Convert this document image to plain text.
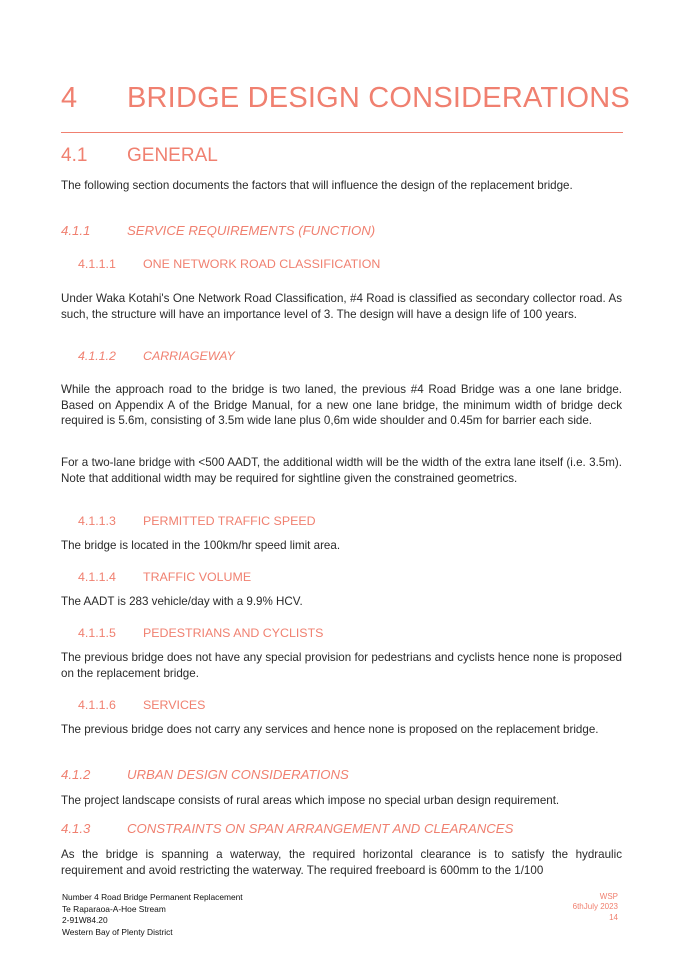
4 BRIDGE DESIGN CONSIDERATIONS
4.1 GENERAL
The following section documents the factors that will influence the design of the replacement bridge.
4.1.1	SERVICE REQUIREMENTS (FUNCTION)
4.1.1.1 ONE NETWORK ROAD CLASSIFICATION
Under Waka Kotahi's One Network Road Classification, #4 Road is classified as secondary collector road. As such, the structure will have an importance level of 3. The design will have a design life of 100 years.
4.1.1.2 CARRIAGEWAY
While the approach road to the bridge is two laned, the previous #4 Road Bridge was a one lane bridge. Based on Appendix A of the Bridge Manual, for a new one lane bridge, the minimum width of bridge deck required is 5.6m, consisting of 3.5m wide lane plus 0,6m wide shoulder and 0.45m for barrier each side.
For a two-lane bridge with <500 AADT, the additional width will be the width of the extra lane itself (i.e. 3.5m). Note that additional width may be required for sightline given the constrained geometrics.
4.1.1.3 PERMITTED TRAFFIC SPEED
The bridge is located in the 100km/hr speed limit area.
4.1.1.4 TRAFFIC VOLUME
The AADT is 283 vehicle/day with a 9.9% HCV.
4.1.1.5 PEDESTRIANS AND CYCLISTS
The previous bridge does not have any special provision for pedestrians and cyclists hence none is proposed on the replacement bridge.
4.1.1.6 SERVICES
The previous bridge does not carry any services and hence none is proposed on the replacement bridge.
4.1.2	URBAN DESIGN CONSIDERATIONS
The project landscape consists of rural areas which impose no special urban design requirement.
4.1.3	CONSTRAINTS ON SPAN ARRANGEMENT AND CLEARANCES
As the bridge is spanning a waterway, the required horizontal clearance is to satisfy the hydraulic requirement and avoid restricting the waterway. The required freeboard is 600mm to the 1/100
Number 4 Road Bridge Permanent Replacement
Te Raparaoa-A-Hoe Stream
2-91W84.20
Western Bay of Plenty District
WSP
6thJuly 2023
14
